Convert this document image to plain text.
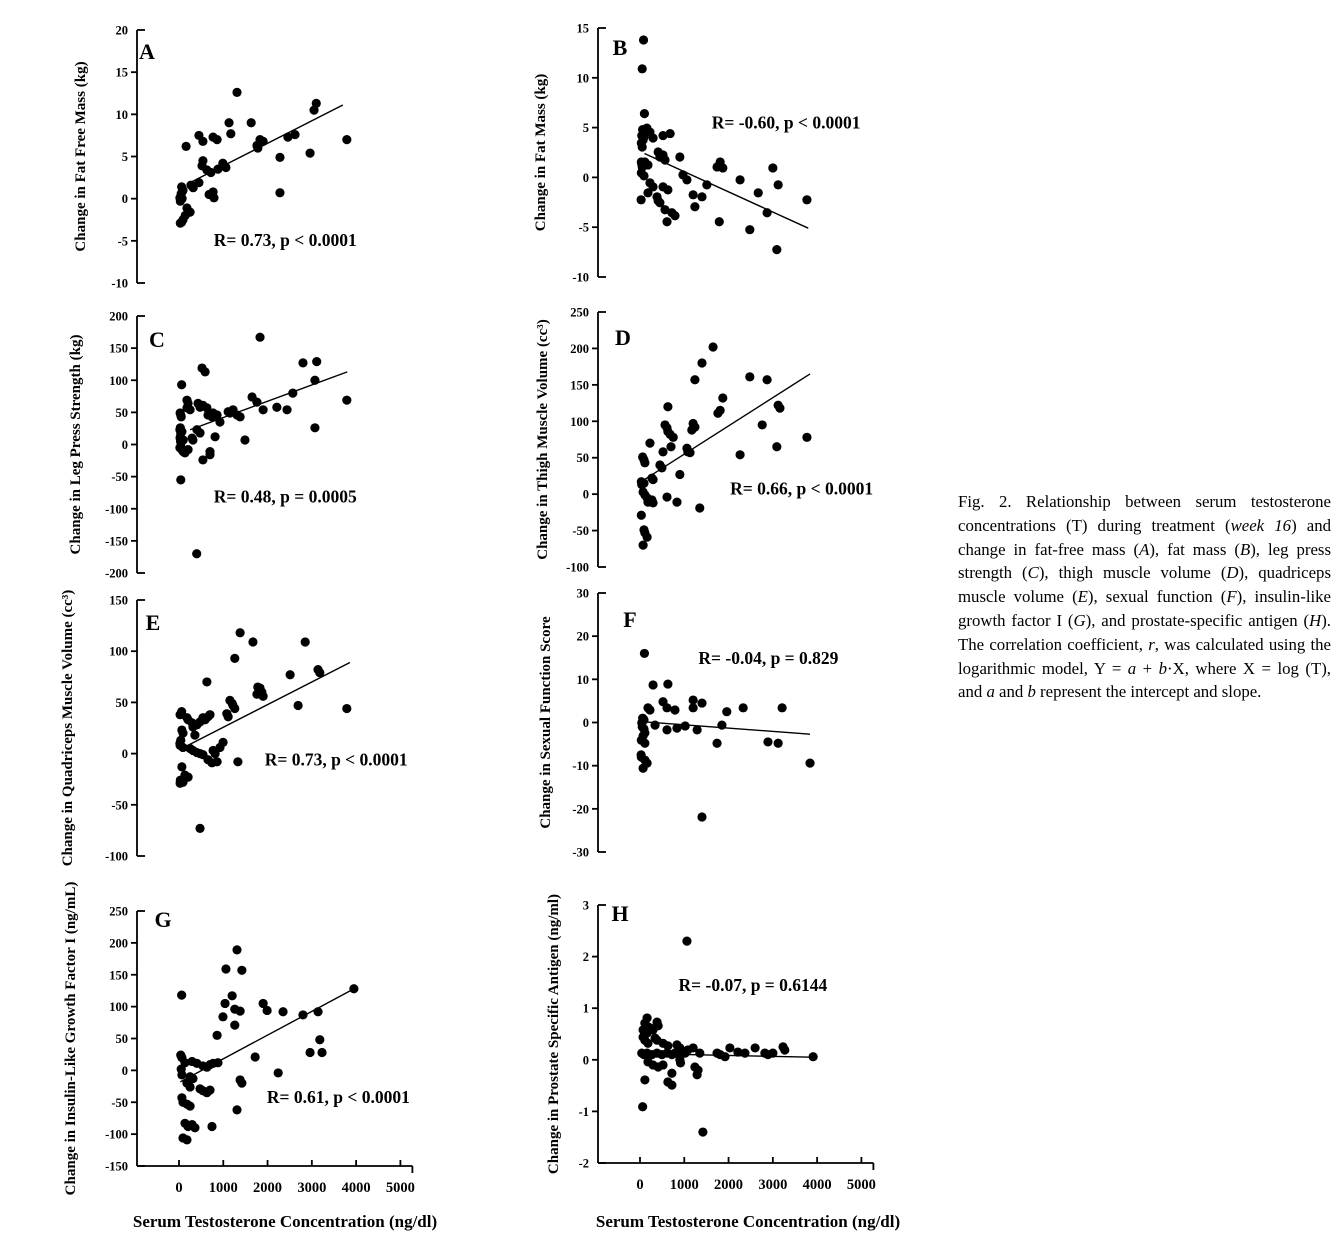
20
15
10
5
0
-5
-10
A
Change in Fat Free Mass (kg)	R= 0.73, p < 0.0001
15
10
5
0
-5
-10
B
Change in Fat Mass (kg)	R= -0.60, p < 0.0001
200
150
100
50
0
-50
-100
-150
-200
C
Change in Leg Press Strength (kg)	R= 0.48, p = 0.0005
250
200
150
100
50
0
-50
-100
D
Change in Thigh Muscle Volume (cc³)	R= 0.66, p < 0.0001
150
100
50
0
-50
-100
E
Change in Quadriceps Muscle Volume (cc³)	R= 0.73, p < 0.0001
30
20
10
0
-10
-20
-30
F
Change in Sexual Function Score	R= -0.04, p = 0.829
250
200
150
100
50
0
-50
-100
-150
G
Change in Insulin-Like Growth Factor I (ng/mL)	R= 0.61, p < 0.0001
0 1000 2000 3000 4000 5000
3
2
1
0
-1
-2
H
Change in Prostate Specific Antigen (ng/ml)	R= -0.07, p = 0.6144
0 1000 2000 3000 4000 5000
Serum Testosterone Concentration (ng/dl)	Serum Testosterone Concentration (ng/dl)
Fig. 2. Relationship between serum testosterone concentrations (T) during treatment (week 16) and change in fat-free mass (A), fat mass (B), leg press strength (C), thigh muscle volume (D), quadriceps muscle volume (E), sexual function (F), insulin-like growth factor I (G), and prostate-specific antigen (H). The correlation coefficient, r, was calculated using the logarithmic model, Y = a + b·X, where X = log (T), and a and b represent the intercept and slope.
